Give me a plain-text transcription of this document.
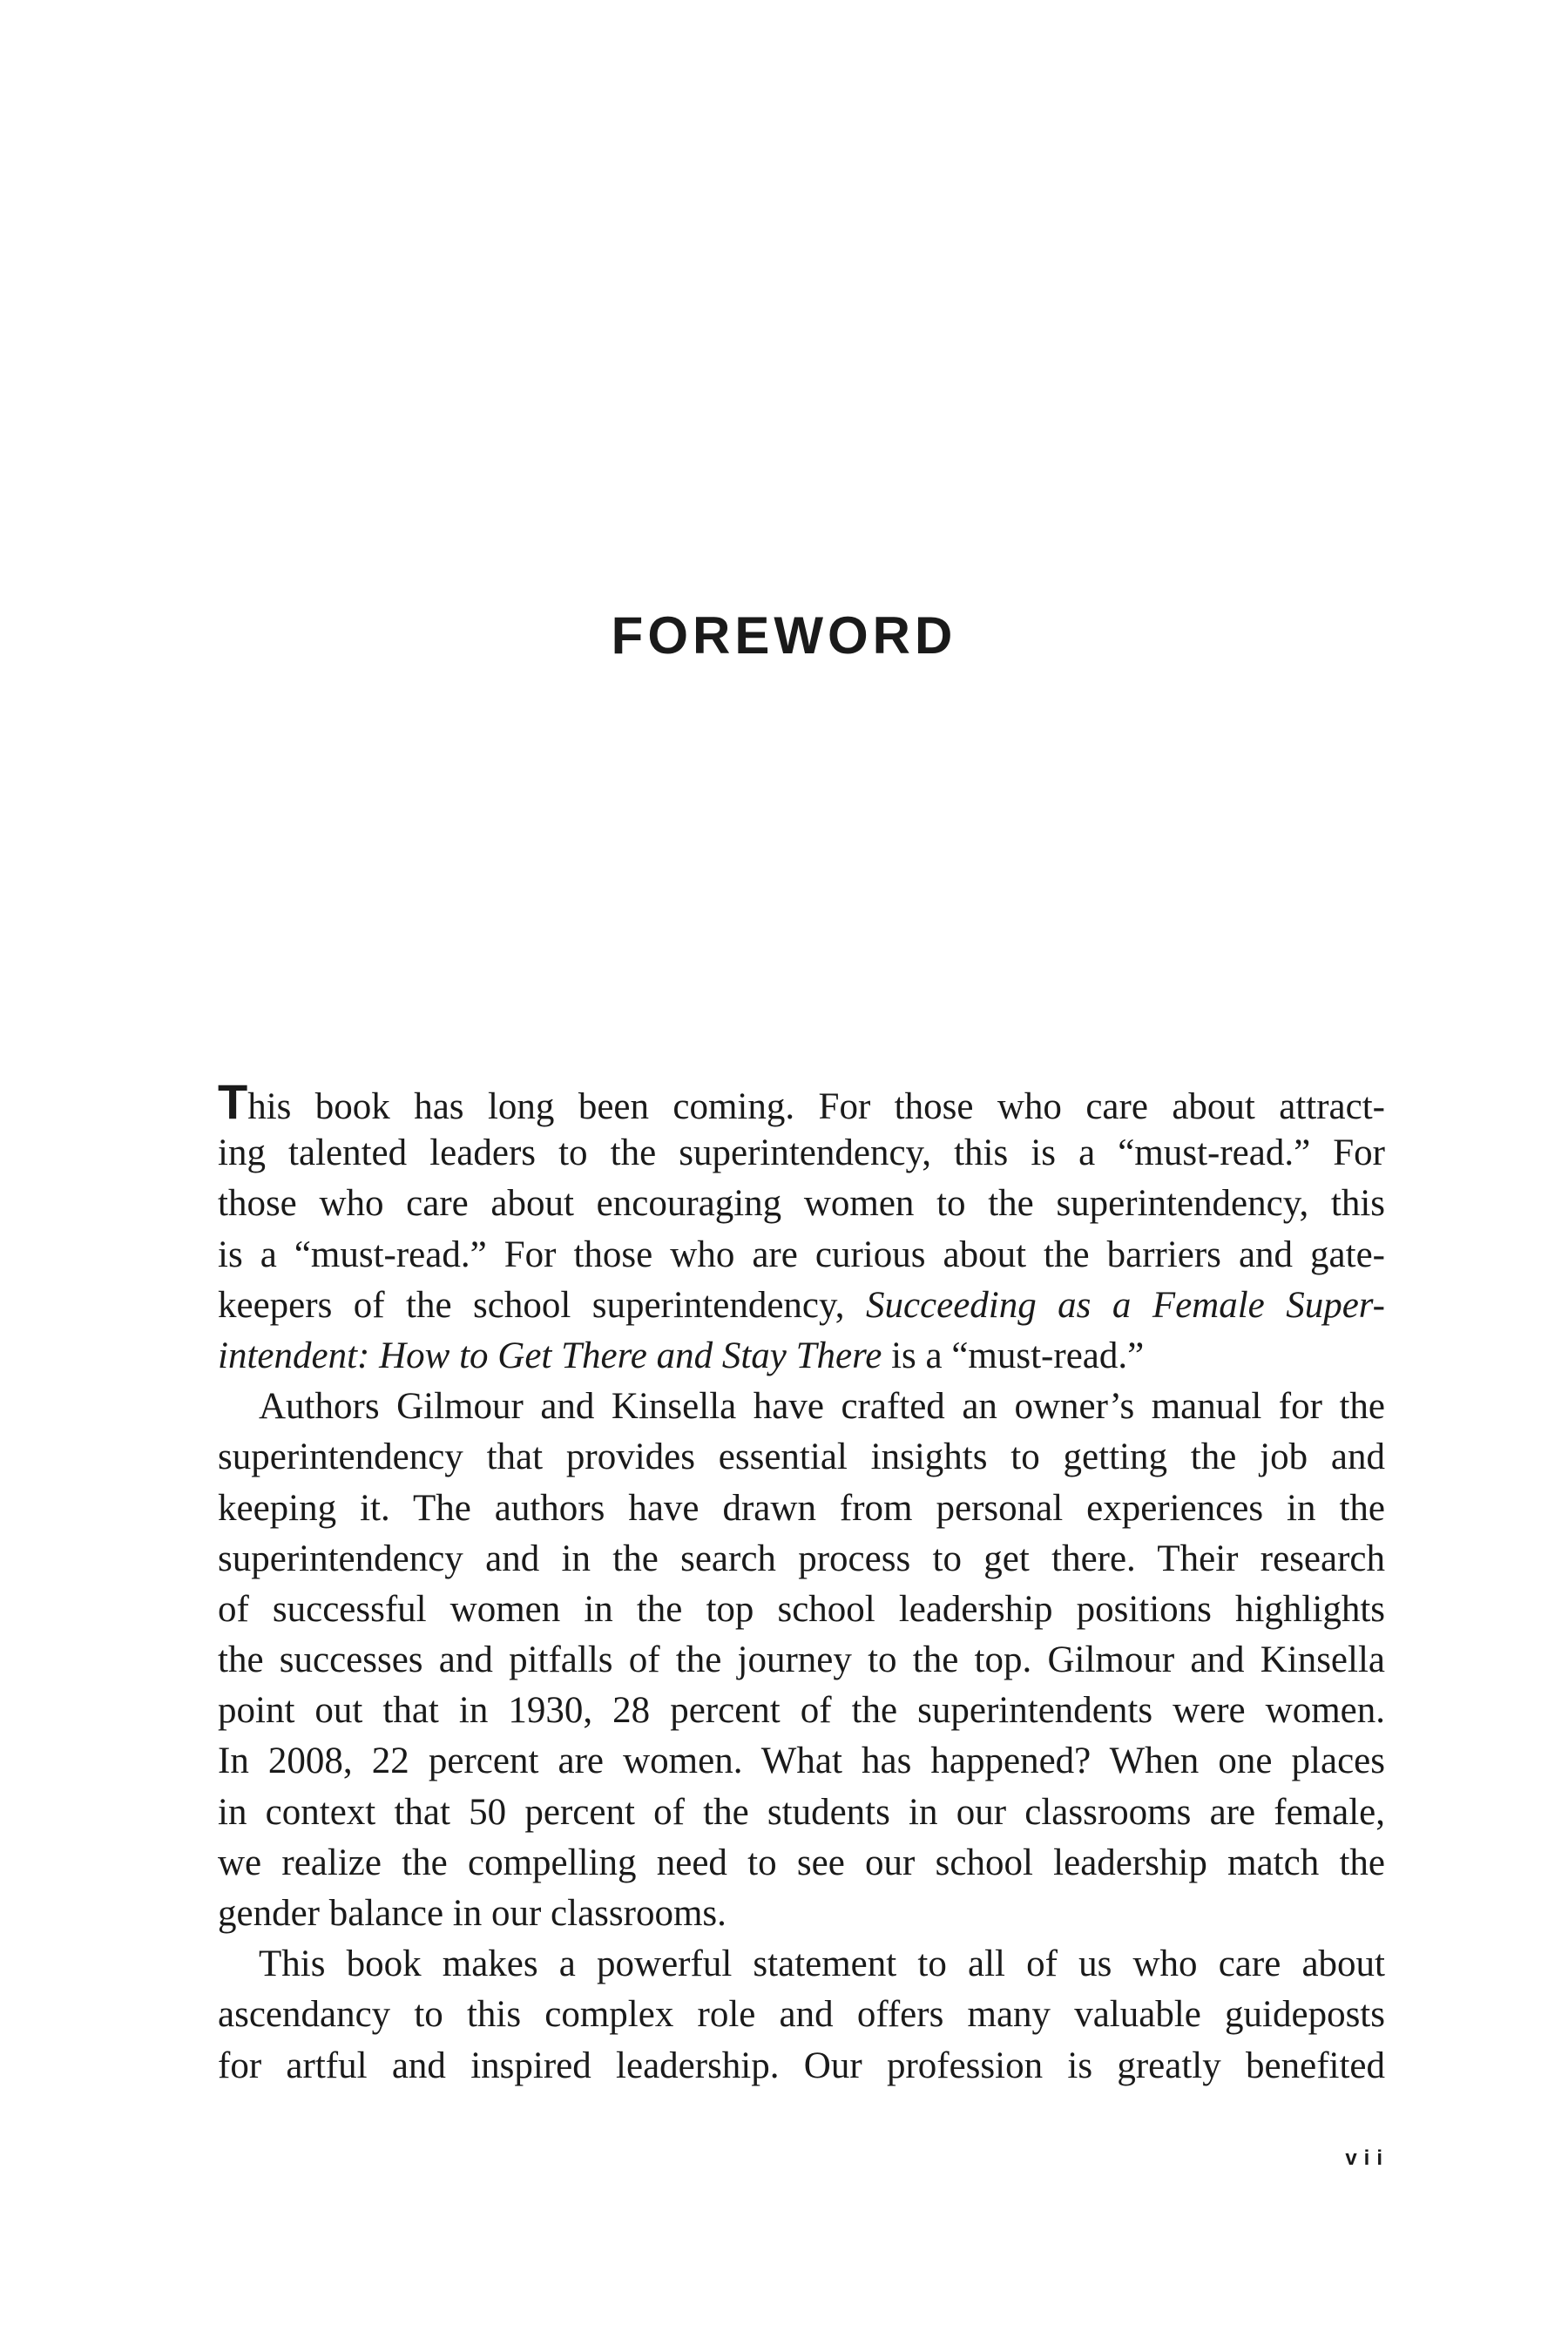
FOREWORD
This book has long been coming. For those who care about attract-
ing talented leaders to the superintendency, this is a “must-read.” For
those who care about encouraging women to the superintendency, this
is a “must-read.” For those who are curious about the barriers and gate-
keepers of the school superintendency, Succeeding as a Female Super-
intendent: How to Get There and Stay There is a “must-read.”
Authors Gilmour and Kinsella have crafted an owner’s manual for the
superintendency that provides essential insights to getting the job and
keeping it. The authors have drawn from personal experiences in the
superintendency and in the search process to get there. Their research
of successful women in the top school leadership positions highlights
the successes and pitfalls of the journey to the top. Gilmour and Kinsella
point out that in 1930, 28 percent of the superintendents were women.
In 2008, 22 percent are women. What has happened? When one places
in context that 50 percent of the students in our classrooms are female,
we realize the compelling need to see our school leadership match the
gender balance in our classrooms.
This book makes a powerful statement to all of us who care about
ascendancy to this complex role and offers many valuable guideposts
for artful and inspired leadership. Our profession is greatly benefited
vii
